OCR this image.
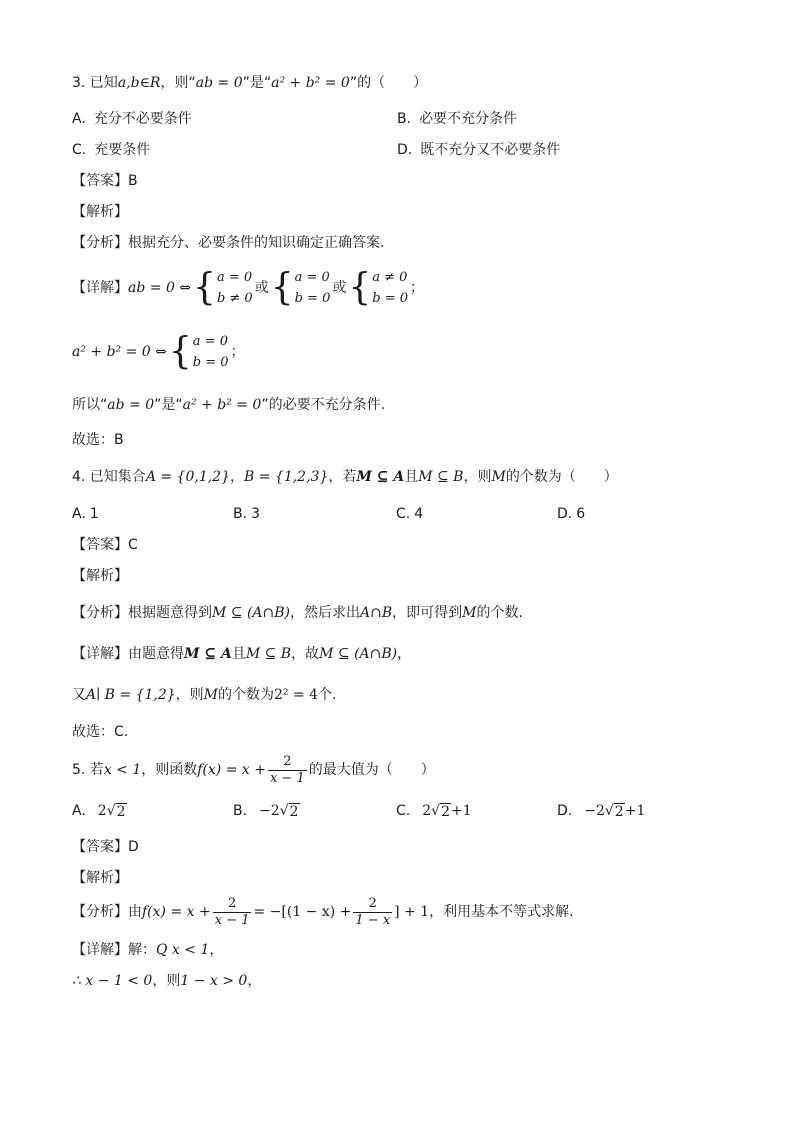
3. 已知 a,b∈R ，则“ ab = 0 ”是“ a² + b² = 0 ”的（　　）
A. 充分不必要条件	B. 必要不充分条件
C. 充要条件	D. 既不充分又不必要条件
【答案】 B
【解析】
【分析】 根据充分、必要条件的知识确定正确答案.
【详解】 ab = 0 ⇔ { a = 0
b ≠ 0
或 { a = 0
b = 0
或 { a ≠ 0
b = 0
；
a² + b² = 0 ⇔ { a = 0
b = 0
；
所以“ ab = 0 ”是“ a² + b² = 0 ”的必要不充分条件.
故选：B
4. 已知集合 A = {0,1,2} ， B = {1,2,3} ，若 M ⊆ A 且 M ⊆ B ，则 M 的个数为（　　）
A. 1	B. 3	C. 4	D. 6
【答案】 C
【解析】
【分析】 根据题意得到 M ⊆ (A∩B) ，然后求出 A∩B ，即可得到 M 的个数.
【详解】 由题意得 M ⊆ A 且 M ⊆ B ，故 M ⊆ (A∩B) ，
又 A∣ B = {1,2} ，则 M 的个数为 2² = 4 个.
故选：C.
5. 若 x < 1 ，则函数 $f(x) = x + \frac{2}{x - 1}$ 的最大值为（　　）
A. 2 √ 2	B. −2 √ 2	C. 2 √ 2 +1	D. −2 √ 2 +1
【答案】 D
【解析】
【分析】 由 $f(x) = x + \frac{2}{x - 1} = -[(1 - x) + \frac{2}{1 - x}$ ] + 1 ，利用基本不等式求解.
【详解】 解： Q x < 1 ，
∴ x − 1 < 0 ，则 1 − x > 0 ，
